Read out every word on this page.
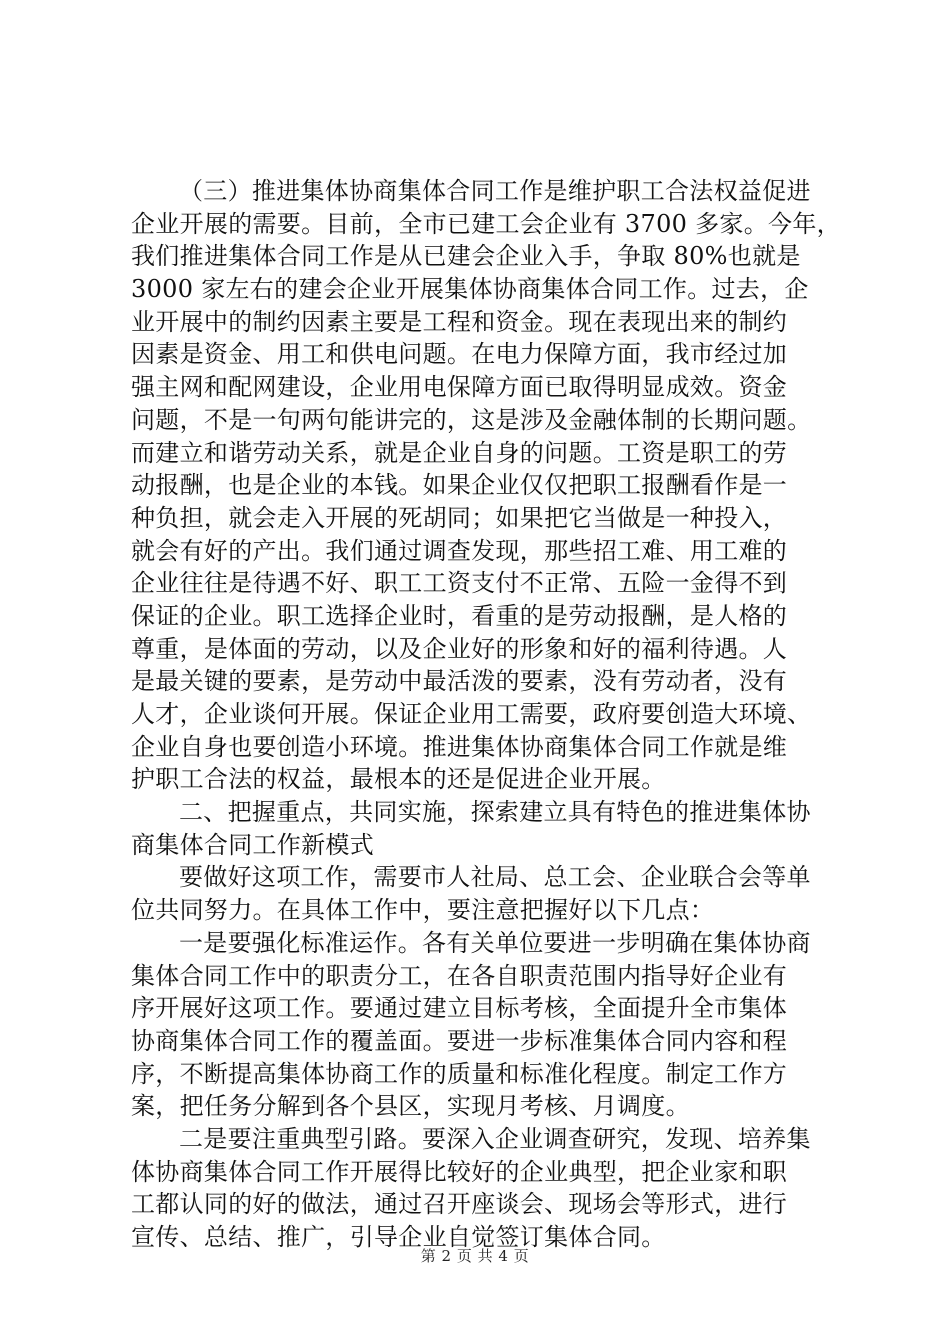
（三）推进集体协商集体合同工作是维护职工合法权益促进
企业开展的需要。目前，全市已建工会企业有 3700 多家。今年，
我们推进集体合同工作是从已建会企业入手，争取 80%也就是
3000 家左右的建会企业开展集体协商集体合同工作。过去，企
业开展中的制约因素主要是工程和资金。现在表现出来的制约
因素是资金、用工和供电问题。在电力保障方面，我市经过加
强主网和配网建设，企业用电保障方面已取得明显成效。资金
问题，不是一句两句能讲完的，这是涉及金融体制的长期问题。
而建立和谐劳动关系，就是企业自身的问题。工资是职工的劳
动报酬，也是企业的本钱。如果企业仅仅把职工报酬看作是一
种负担，就会走入开展的死胡同；如果把它当做是一种投入，
就会有好的产出。我们通过调查发现，那些招工难、用工难的
企业往往是待遇不好、职工工资支付不正常、五险一金得不到
保证的企业。职工选择企业时，看重的是劳动报酬，是人格的
尊重，是体面的劳动，以及企业好的形象和好的福利待遇。人
是最关键的要素，是劳动中最活泼的要素，没有劳动者，没有
人才，企业谈何开展。保证企业用工需要，政府要创造大环境、
企业自身也要创造小环境。推进集体协商集体合同工作就是维
护职工合法的权益，最根本的还是促进企业开展。
二、把握重点，共同实施，探索建立具有特色的推进集体协
商集体合同工作新模式
要做好这项工作，需要市人社局、总工会、企业联合会等单
位共同努力。在具体工作中，要注意把握好以下几点：
一是要强化标准运作。各有关单位要进一步明确在集体协商
集体合同工作中的职责分工，在各自职责范围内指导好企业有
序开展好这项工作。要通过建立目标考核，全面提升全市集体
协商集体合同工作的覆盖面。要进一步标准集体合同内容和程
序，不断提高集体协商工作的质量和标准化程度。制定工作方
案，把任务分解到各个县区，实现月考核、月调度。
二是要注重典型引路。要深入企业调查研究，发现、培养集
体协商集体合同工作开展得比较好的企业典型，把企业家和职
工都认同的好的做法，通过召开座谈会、现场会等形式，进行
宣传、总结、推广，引导企业自觉签订集体合同。
第 2 页 共 4 页
